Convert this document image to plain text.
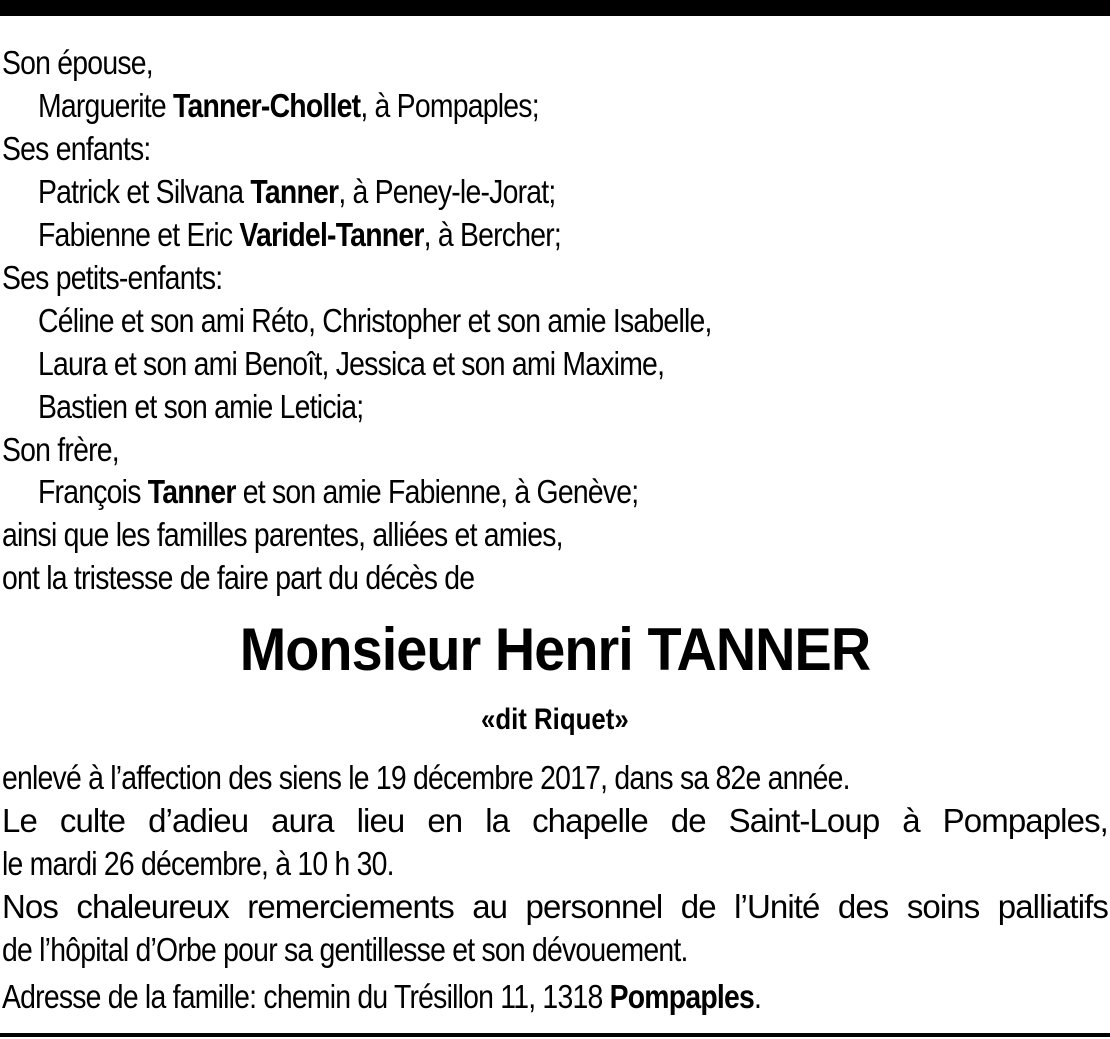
Son épouse,
Marguerite Tanner-Chollet, à Pompaples;
Ses enfants:
Patrick et Silvana Tanner, à Peney-le-Jorat;
Fabienne et Eric Varidel-Tanner, à Bercher;
Ses petits-enfants:
Céline et son ami Réto, Christopher et son amie Isabelle,
Laura et son ami Benoît, Jessica et son ami Maxime,
Bastien et son amie Leticia;
Son frère,
François Tanner et son amie Fabienne, à Genève;
ainsi que les familles parentes, alliées et amies,
ont la tristesse de faire part du décès de
Monsieur Henri TANNER
«dit Riquet»
enlevé à l’affection des siens le 19 décembre 2017, dans sa 82e année.
Le culte d’adieu aura lieu en la chapelle de Saint-Loup à Pompaples,
le mardi 26 décembre, à 10 h 30.
Nos chaleureux remerciements au personnel de l’Unité des soins palliatifs
de l’hôpital d’Orbe pour sa gentillesse et son dévouement.
Adresse de la famille: chemin du Trésillon 11, 1318 Pompaples.
